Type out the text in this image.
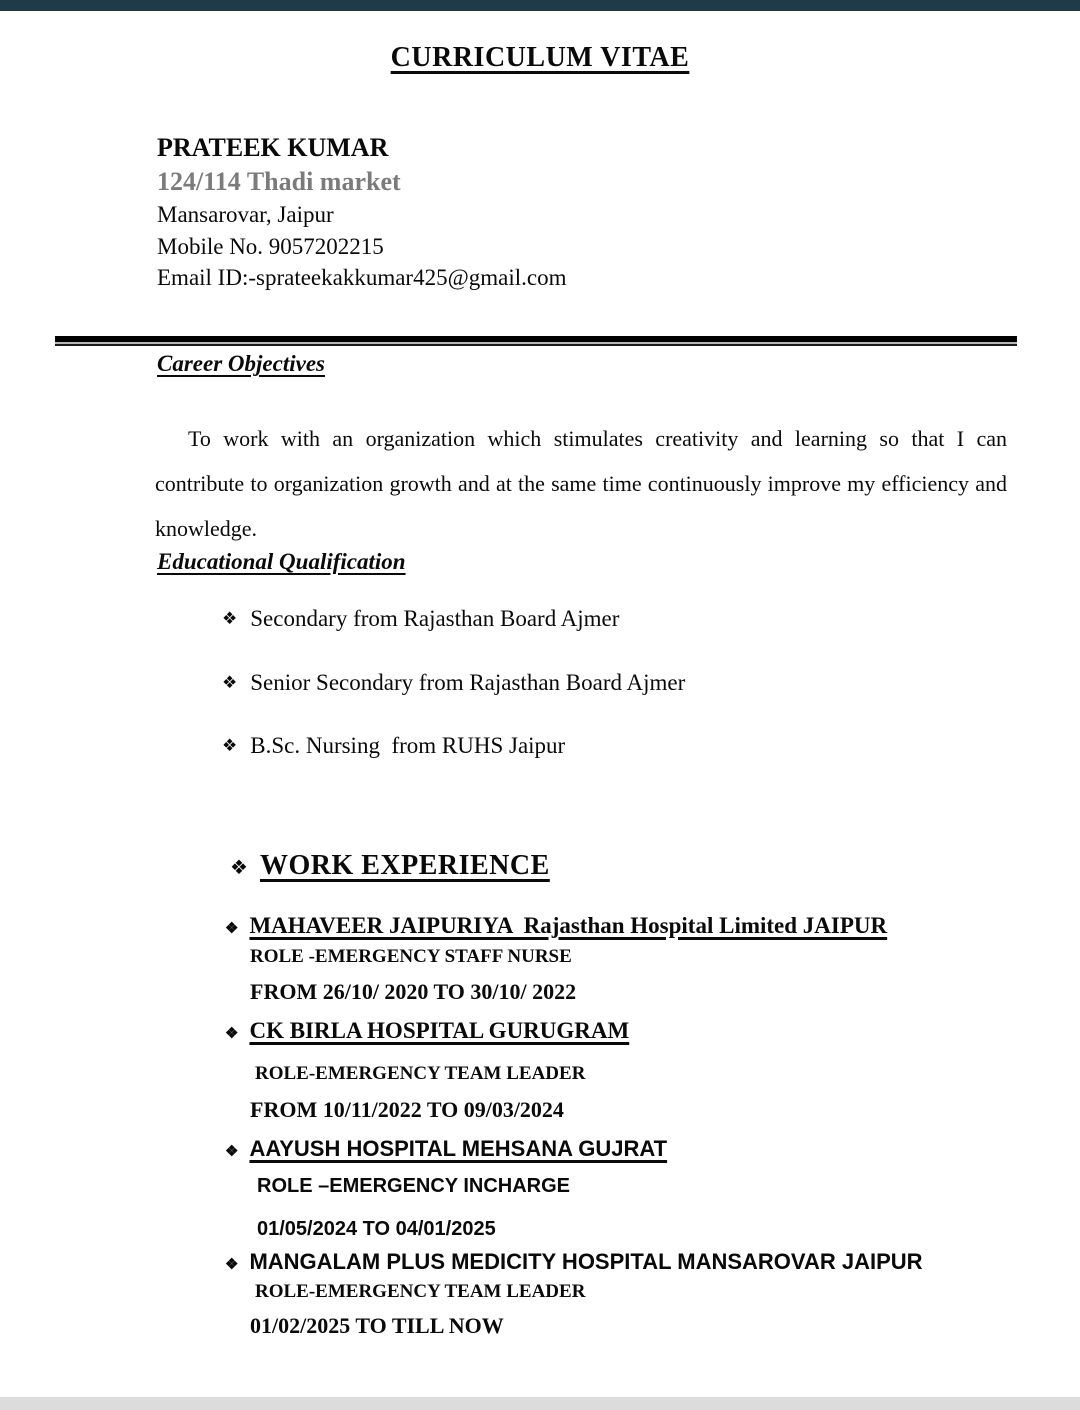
CURRICULUM VITAE
PRATEEK KUMAR
124/114 Thadi market
Mansarovar, Jaipur
Mobile No. 9057202215
Email ID:-sprateekakkumar425@gmail.com
Career Objectives
To work with an organization which stimulates creativity and learning so that I can contribute to organization growth and at the same time continuously improve my efficiency and knowledge.
Educational Qualification
❖ Secondary from Rajasthan Board Ajmer
❖ Senior Secondary from Rajasthan Board Ajmer
❖ B.Sc. Nursing  from RUHS Jaipur
❖ WORK EXPERIENCE
❖ MAHAVEER JAIPURIYA  Rajasthan Hospital Limited JAIPUR
ROLE -EMERGENCY STAFF NURSE
FROM 26/10/ 2020 TO 30/10/ 2022
❖ CK BIRLA HOSPITAL GURUGRAM
ROLE-EMERGENCY TEAM LEADER
FROM 10/11/2022 TO 09/03/2024
❖ AAYUSH HOSPITAL MEHSANA GUJRAT
ROLE –EMERGENCY INCHARGE
01/05/2024 TO 04/01/2025
❖ MANGALAM PLUS MEDICITY HOSPITAL MANSAROVAR JAIPUR
ROLE-EMERGENCY TEAM LEADER
01/02/2025 TO TILL NOW
